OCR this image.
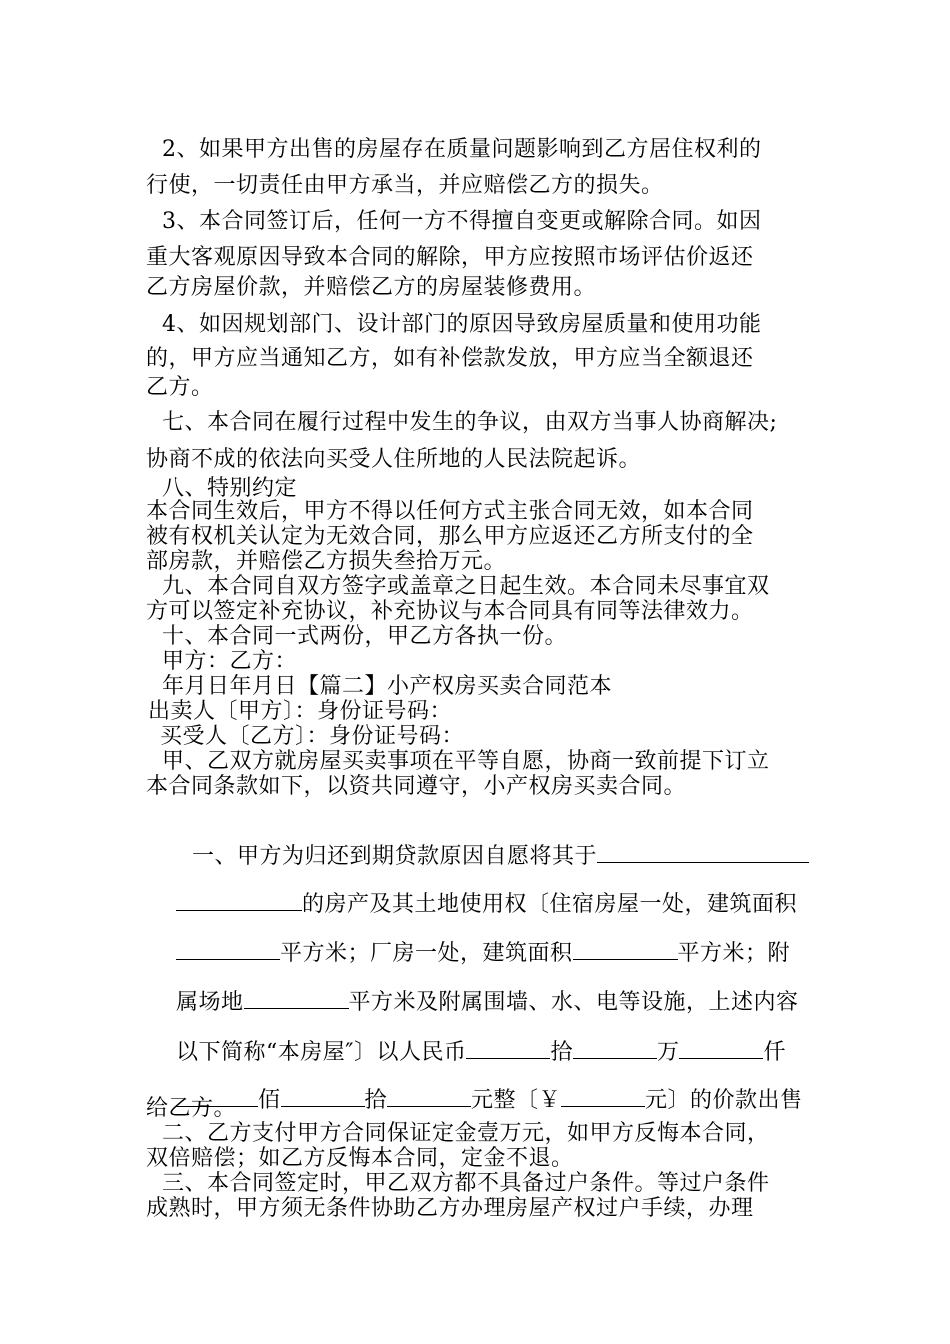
2、如果甲方出售的房屋存在质量问题影响到乙方居住权利的
行使，一切责任由甲方承当，并应赔偿乙方的损失。
3、本合同签订后，任何一方不得擅自变更或解除合同。如因
重大客观原因导致本合同的解除，甲方应按照市场评估价返还
乙方房屋价款，并赔偿乙方的房屋装修费用。
4、如因规划部门、设计部门的原因导致房屋质量和使用功能
的，甲方应当通知乙方，如有补偿款发放，甲方应当全额退还
乙方。
七、本合同在履行过程中发生的争议，由双方当事人协商解决;
协商不成的依法向买受人住所地的人民法院起诉。
八、特别约定
本合同生效后，甲方不得以任何方式主张合同无效，如本合同
被有权机关认定为无效合同，那么甲方应返还乙方所支付的全
部房款，并赔偿乙方损失叁拾万元。
九、本合同自双方签字或盖章之日起生效。本合同未尽事宜双
方可以签定补充协议，补充协议与本合同具有同等法律效力。
十、本合同一式两份，甲乙方各执一份。
甲方：乙方：
年月日年月日【篇二】小产权房买卖合同范本
出卖人〔甲方〕：身份证号码：
买受人〔乙方〕：身份证号码：
甲、乙双方就房屋买卖事项在平等自愿，协商一致前提下订立
本合同条款如下，以资共同遵守，小产权房买卖合同。

一、甲方为归还到期贷款原因自愿将其于

的房产及其土地使用权〔住宿房屋一处，建筑面积

平方米；厂房一处，建筑面积	平方米；附

属场地	平方米及附属围墙、水、电等设施，上述内容

以下简称“本房屋″〕以人民币	拾	万	仟

佰	拾	元整〔￥	元〕的价款出售

给乙方。
二、乙方支付甲方合同保证定金壹万元，如甲方反悔本合同，
双倍赔偿；如乙方反悔本合同，定金不退。
三、本合同签定时，甲乙双方都不具备过户条件。等过户条件
成熟时，甲方须无条件协助乙方办理房屋产权过户手续，办理
